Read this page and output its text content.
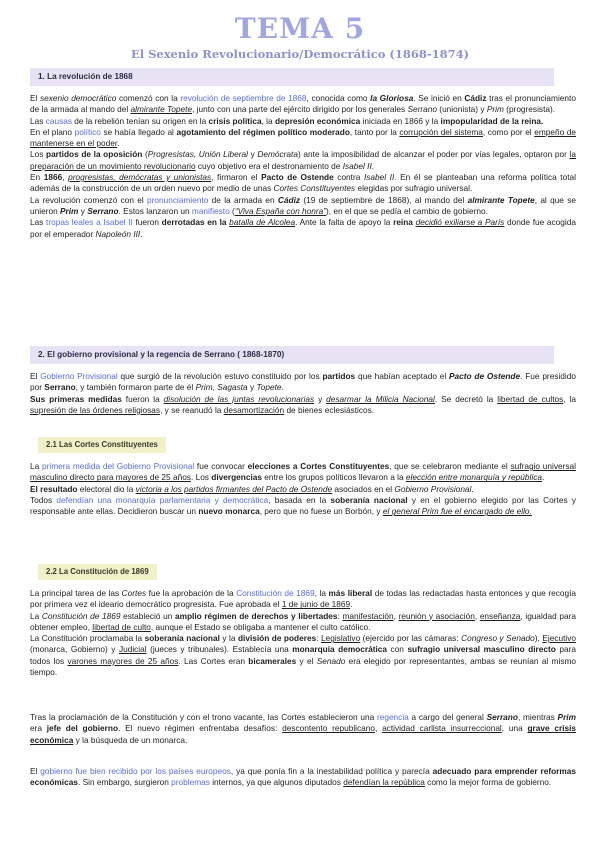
TEMA 5
El Sexenio Revolucionario/Democrático (1868-1874)
1. La revolución de 1868

El sexenio democrático comenzó con la revolución de septiembre de 1868, conocida como la Gloriosa. Se inició en Cádiz tras el pronunciamiento de la armada al mando del almirante Topete, junto con una parte del ejército dirigido por los generales Serrano (unionista) y Prim (progresista).

Las causas de la rebelión tenían su origen en la crisis política, la depresión económica iniciada en 1866 y la impopularidad de la reina.

En el plano político se había llegado al agotamiento del régimen político moderado, tanto por la corrupción del sistema, como por el empeño de mantenerse en el poder.

Los partidos de la oposición (Progresistas, Unión Liberal y Demócrata) ante la imposibilidad de alcanzar el poder por vías legales, optaron por la preparación de un movimiento revolucionario cuyo objetivo era el destronamiento de Isabel II.

En 1866, progresistas, demócratas y unionistas, firmaron el Pacto de Ostende contra Isabel II. En él se planteaban una reforma política total además de la construcción de un orden nuevo por medio de unas Cortes Constituyentes elegidas por sufragio universal.

La revolución comenzó con el pronunciamiento de la armada en Cádiz (19 de septiembre de 1868), al mando del almirante Topete, al que se unieron Prim y Serrano. Estos lanzaron un manifiesto (“Viva España con honra”), en el que se pedía el cambio de gobierno.

Las tropas leales a Isabel II fueron derrotadas en la batalla de Alcolea. Ante la falta de apoyo la reina decidió exiliarse a París donde fue acogida por el emperador Napoleón III.

2. El gobierno provisional y la regencia de Serrano ( 1868-1870)

El Gobierno Provisional que surgió de la revolución estuvo constituido por los partidos que habían aceptado el Pacto de Ostende. Fue presidido por Serrano, y también formaron parte de él Prim, Sagasta y Topete.

Sus primeras medidas fueron la disolución de las juntas revolucionarias y desarmar la Milicia Nacional. Se decretó la libertad de cultos, la supresión de las órdenes religiosas, y se reanudó la desamortización de bienes eclesiásticos.

2.1 Las Cortes Constituyentes

La primera medida del Gobierno Provisional fue convocar elecciones a Cortes Constituyentes, que se celebraron mediante el sufragio universal masculino directo para mayores de 25 años. Los divergencias entre los grupos políticos llevaron a la elección entre monarquía y república.

El resultado electoral dio la victoria a los partidos firmantes del Pacto de Ostende asociados en el Gobierno Provisional.

Todos defendían una monarquía parlamentaria y democrática, basada en la soberanía nacional y en el gobierno elegido por las Cortes y responsable ante ellas. Decidieron buscar un nuevo monarca, pero que no fuese un Borbón, y el general Prim fue el encargado de ello.

2.2 La Constitución de 1869

La principal tarea de las Cortes fue la aprobación de la Constitución de 1869, la más liberal de todas las redactadas hasta entonces y que recogía por primera vez el ideario democrático progresista. Fue aprobada el 1 de junio de 1869.

La Constitución de 1869 estableció un amplio régimen de derechos y libertades: manifestación, reunión y asociación, enseñanza, igualdad para obtener empleo, libertad de culto, aunque el Estado se obligaba a mantener el culto católico.

La Constitución proclamaba la soberanía nacional y la división de poderes: Legislativo (ejercido por las cámaras: Congreso y Senado), Ejecutivo (monarca, Gobierno) y Judicial (jueces y tribunales). Establecía una monarquía democrática con sufragio universal masculino directo para todos los varones mayores de 25 años. Las Cortes eran bicamerales y el Senado era elegido por representantes, ambas se reunían al mismo tiempo.

Tras la proclamación de la Constitución y con el trono vacante, las Cortes establecieron una regencia a cargo del general Serrano, mientras Prim era jefe del gobierno. El nuevo régimen enfrentaba desafíos: descontento republicano, actividad carlista insurreccional, una grave crisis económica y la búsqueda de un monarca.

El gobierno fue bien recibido por los países europeos, ya que ponía fin a la inestabilidad política y parecía adecuado para emprender reformas económicas. Sin embargo, surgieron problemas internos, ya que algunos diputados defendían la república como la mejor forma de gobierno.
